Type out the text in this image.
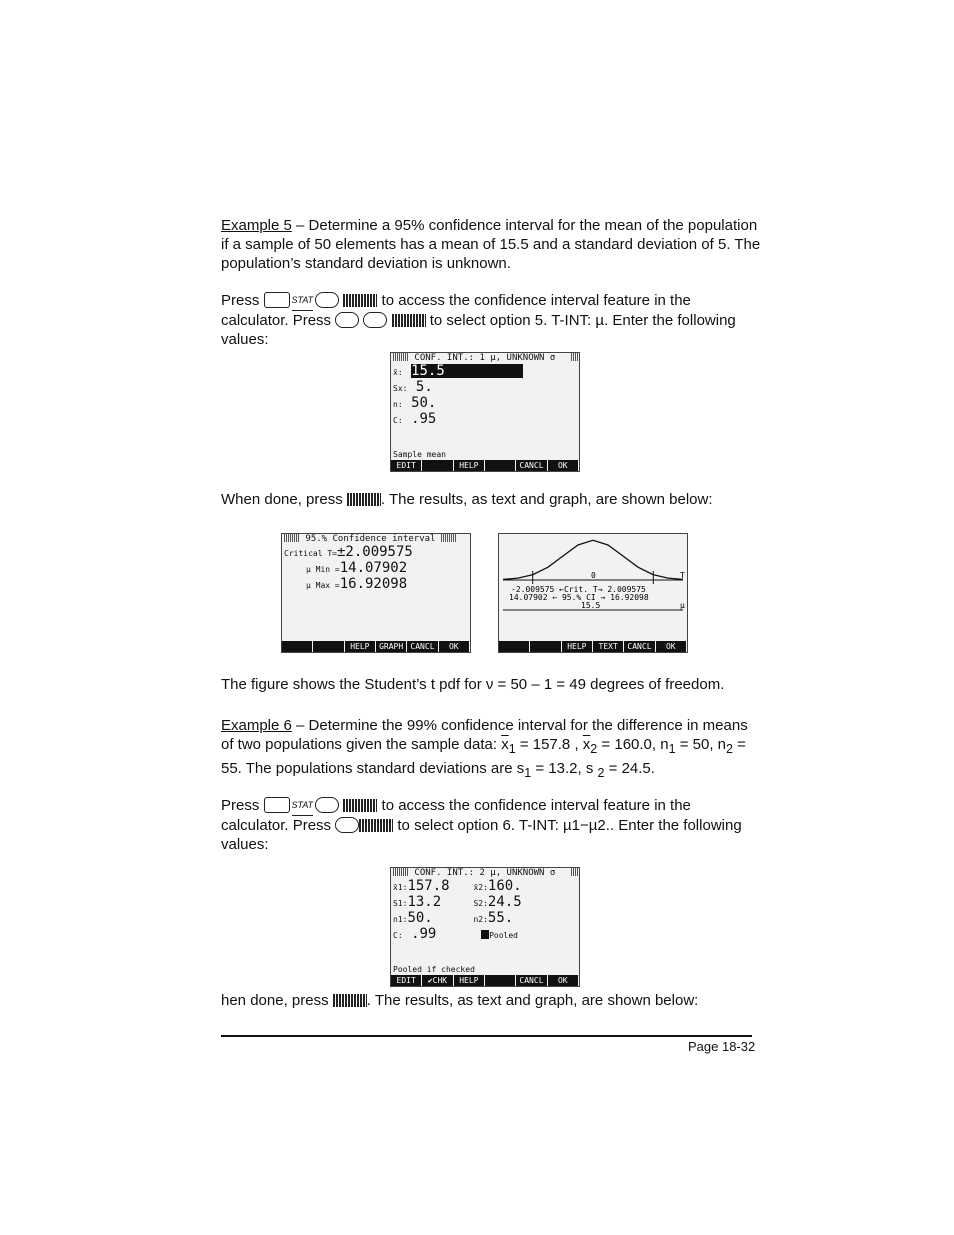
Example 5 – Determine a 95% confidence interval for the mean of the population if a sample of 50 elements has a mean of 15.5 and a standard deviation of 5. The population’s standard deviation is unknown.
Press	STAT	to access the confidence interval feature in the calculator. Press	to select option 5. T-INT: µ. Enter the following values:
CONF. INT.: 1 µ, UNKNOWN σ
x̄: 15.5
Sx: 5.
n: 50.
C: .95
Sample mean
EDIT	HELP	CANCL	OK
When done, press	. The results, as text and graph, are shown below:
95.% Confidence interval
Critical T=±2.009575
µ Min =14.07902
µ Max =16.92098
HELP	GRAPH CANCL	OK
0	T
µ
-2.009575 ←Crit. T→ 2.009575
14.07902 ← 95.% CI → 16.92098
15.5
HELP	TEXT	CANCL	OK
The figure shows the Student’s t pdf for ν = 50 – 1 = 49 degrees of freedom.
Example 6 – Determine the 99% confidence interval for the difference in means of two populations given the sample data: $\overline{x}_1 = 157.8$ , $\overline{x}_2 = 160.0$, $n_1 = 50$, $n_2 = 55$. The populations standard deviations are $s_1 = 13.2$, s $_2$ = 24.5.
Press	STAT	to access the confidence interval feature in the calculator. Press	to select option 6. T-INT: µ1−µ2.. Enter the following values:
CONF. INT.: 2 µ, UNKNOWN σ
x̄1:157.8	x̄2:160.
S1:13.2	S2:24.5
n1:50.	n2:55.
C: .99	Pooled
Pooled if checked
EDIT	✔CHK	HELP	CANCL	OK
hen done, press	. The results, as text and graph, are shown below:
Page 18-32
